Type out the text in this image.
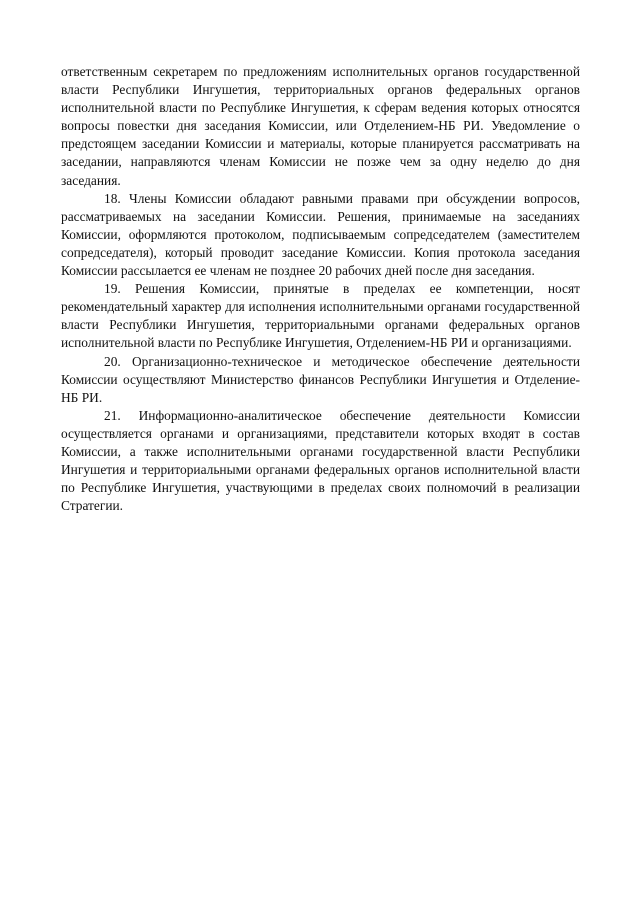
ответственным секретарем по предложениям исполнительных органов государственной власти Республики Ингушетия, территориальных органов федеральных органов исполнительной власти по Республике Ингушетия, к сферам ведения которых относятся вопросы повестки дня заседания Комиссии, или Отделением-НБ РИ. Уведомление о предстоящем заседании Комиссии и материалы, которые планируется рассматривать на заседании, направляются членам Комиссии не позже чем за одну неделю до дня заседания.

18. Члены Комиссии обладают равными правами при обсуждении вопросов, рассматриваемых на заседании Комиссии. Решения, принимаемые на заседаниях Комиссии, оформляются протоколом, подписываемым сопредседателем (заместителем сопредседателя), который проводит заседание Комиссии. Копия протокола заседания Комиссии рассылается ее членам не позднее 20 рабочих дней после дня заседания.

19. Решения Комиссии, принятые в пределах ее компетенции, носят рекомендательный характер для исполнения исполнительными органами государственной власти Республики Ингушетия, территориальными органами федеральных органов исполнительной власти по Республике Ингушетия, Отделением-НБ РИ и организациями.

20. Организационно-техническое и методическое обеспечение деятельности Комиссии осуществляют Министерство финансов Республики Ингушетия и Отделение-НБ РИ.

21. Информационно-аналитическое обеспечение деятельности Комиссии осуществляется органами и организациями, представители которых входят в состав Комиссии, а также исполнительными органами государственной власти Республики Ингушетия и территориальными органами федеральных органов исполнительной власти по Республике Ингушетия, участвующими в пределах своих полномочий в реализации Стратегии.
